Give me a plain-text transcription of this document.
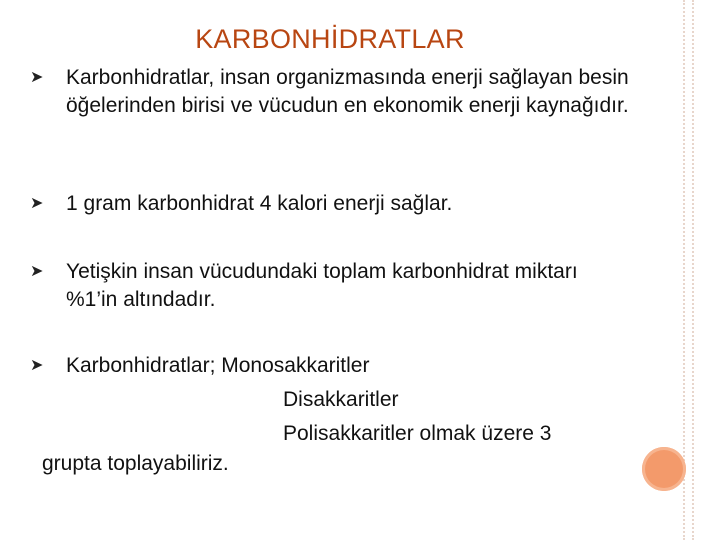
KARBONHİDRATLAR
➤ Karbonhidratlar, insan organizmasında enerji sağlayan besin öğelerinden birisi ve vücudun en ekonomik enerji kaynağıdır.
➤ 1 gram karbonhidrat 4 kalori enerji sağlar.
➤ Yetişkin insan vücudundaki toplam karbonhidrat miktarı %1’in altındadır.
➤ Karbonhidratlar; Monosakkaritler
Disakkaritler
Polisakkaritler olmak üzere 3
grupta toplayabiliriz.
